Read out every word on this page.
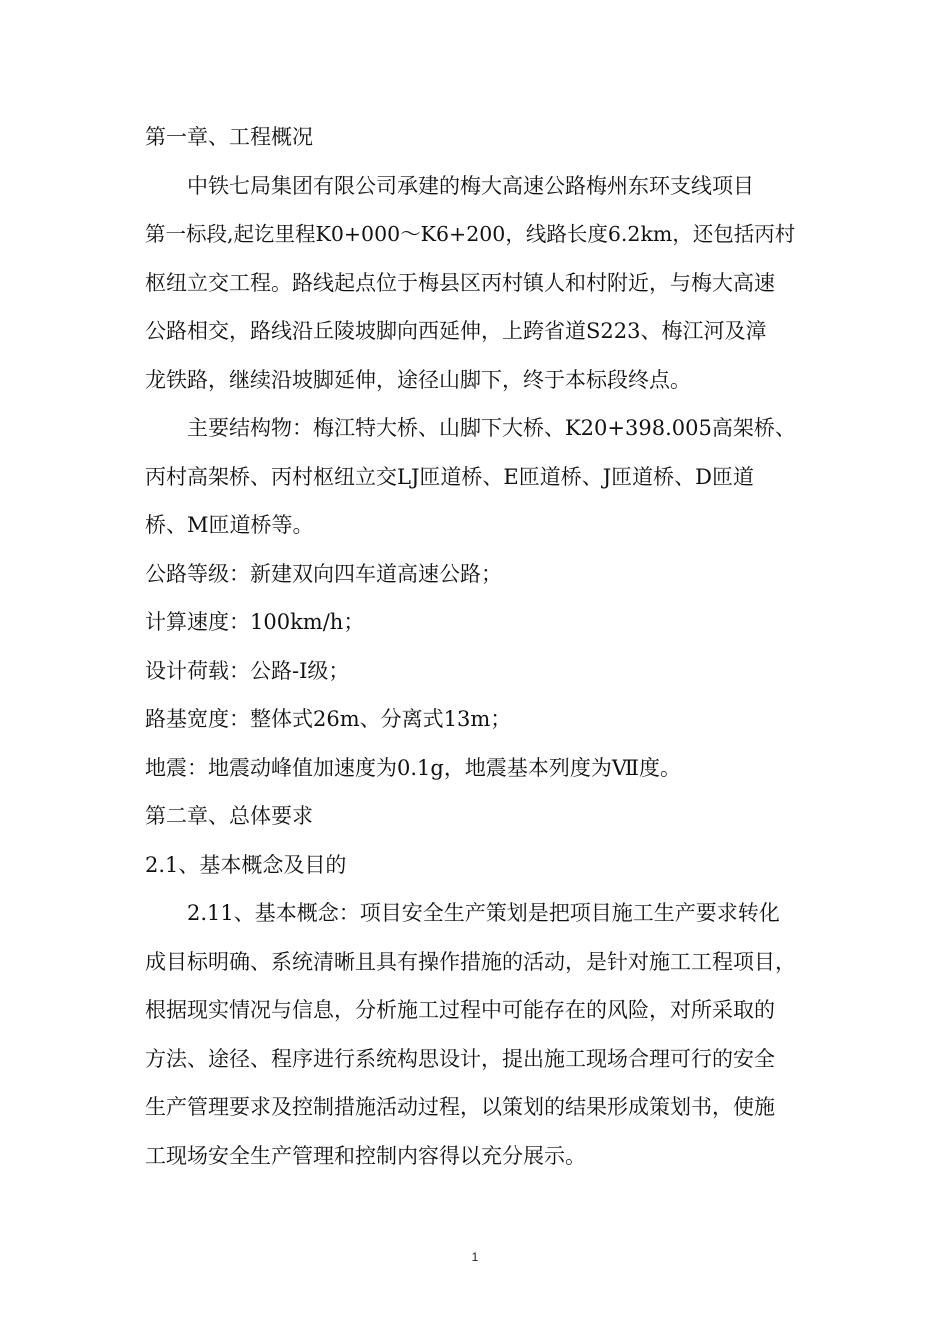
第一章、工程概况
中铁七局集团有限公司承建的梅大高速公路梅州东环支线项目
第一标段,起讫里程K0+000～K6+200，线路长度6.2km，还包括丙村
枢纽立交工程。路线起点位于梅县区丙村镇人和村附近，与梅大高速
公路相交，路线沿丘陵坡脚向西延伸，上跨省道S223、梅江河及漳
龙铁路，继续沿坡脚延伸，途径山脚下，终于本标段终点。
主要结构物：梅江特大桥、山脚下大桥、K20+398.005高架桥、
丙村高架桥、丙村枢纽立交LJ匝道桥、E匝道桥、J匝道桥、D匝道
桥、M匝道桥等。
公路等级：新建双向四车道高速公路；
计算速度：100km/h；
设计荷载：公路-I级；
路基宽度：整体式26m、分离式13m；
地震：地震动峰值加速度为0.1g，地震基本列度为Ⅶ度。
第二章、总体要求
2.1、基本概念及目的
2.11、基本概念：项目安全生产策划是把项目施工生产要求转化
成目标明确、系统清晰且具有操作措施的活动，是针对施工工程项目，
根据现实情况与信息，分析施工过程中可能存在的风险，对所采取的
方法、途径、程序进行系统构思设计，提出施工现场合理可行的安全
生产管理要求及控制措施活动过程，以策划的结果形成策划书，使施
工现场安全生产管理和控制内容得以充分展示。
1
